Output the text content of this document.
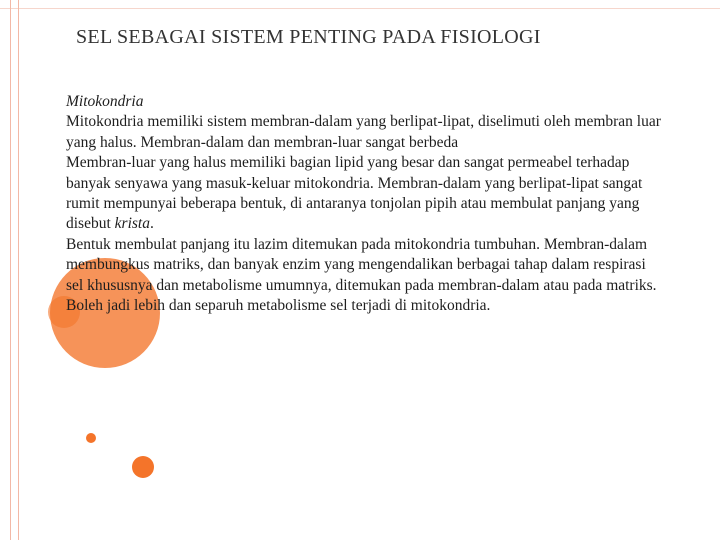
SEL SEBAGAI SISTEM PENTING PADA FISIOLOGI

Mitokondria

Mitokondria memiliki sistem membran-dalam yang berlipat-lipat, diselimuti oleh membran luar yang halus. Membran-dalam dan membran-luar sangat berbeda

Membran-luar yang halus memiliki bagian lipid yang besar dan sangat permeabel terhadap banyak senyawa yang masuk-keluar mitokondria. Membran-dalam yang berlipat-lipat sangat rumit mempunyai beberapa bentuk, di antaranya tonjolan pipih atau membulat panjang yang disebut krista.

Bentuk membulat panjang itu lazim ditemukan pada mitokondria tumbuhan. Membran-dalam membungkus matriks, dan banyak enzim yang mengendalikan berbagai tahap dalam respirasi sel khususnya dan metabolisme umumnya, ditemukan pada membran-dalam atau pada matriks. Boleh jadi lebih dan separuh metabolisme sel terjadi di mitokondria.
